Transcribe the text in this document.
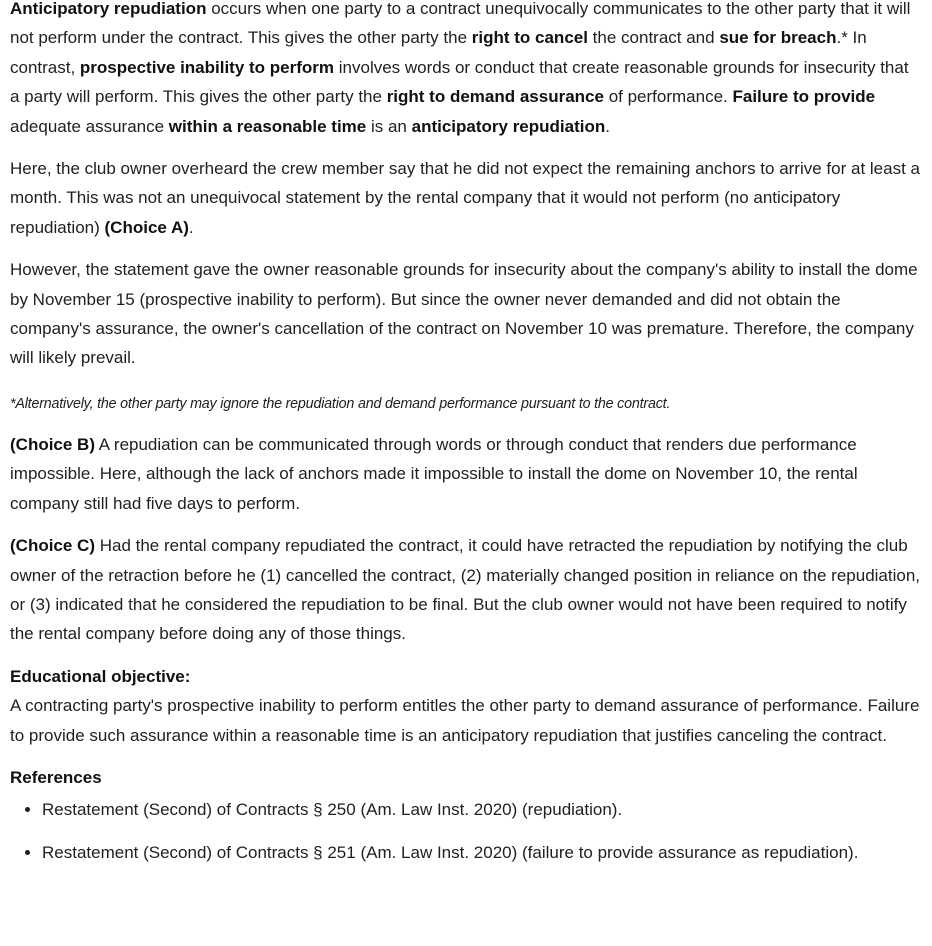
Anticipatory repudiation occurs when one party to a contract unequivocally communicates to the other party that it will not perform under the contract. This gives the other party the right to cancel the contract and sue for breach.* In contrast, prospective inability to perform involves words or conduct that create reasonable grounds for insecurity that a party will perform. This gives the other party the right to demand assurance of performance. Failure to provide adequate assurance within a reasonable time is an anticipatory repudiation.

Here, the club owner overheard the crew member say that he did not expect the remaining anchors to arrive for at least a month. This was not an unequivocal statement by the rental company that it would not perform (no anticipatory repudiation) (Choice A).

However, the statement gave the owner reasonable grounds for insecurity about the company's ability to install the dome by November 15 (prospective inability to perform). But since the owner never demanded and did not obtain the company's assurance, the owner's cancellation of the contract on November 10 was premature. Therefore, the company will likely prevail.

*Alternatively, the other party may ignore the repudiation and demand performance pursuant to the contract.

(Choice B) A repudiation can be communicated through words or through conduct that renders due performance impossible. Here, although the lack of anchors made it impossible to install the dome on November 10, the rental company still had five days to perform.

(Choice C) Had the rental company repudiated the contract, it could have retracted the repudiation by notifying the club owner of the retraction before he (1) cancelled the contract, (2) materially changed position in reliance on the repudiation, or (3) indicated that he considered the repudiation to be final. But the club owner would not have been required to notify the rental company before doing any of those things.

Educational objective:

A contracting party's prospective inability to perform entitles the other party to demand assurance of performance. Failure to provide such assurance within a reasonable time is an anticipatory repudiation that justifies canceling the contract.

References

• Restatement (Second) of Contracts § 250 (Am. Law Inst. 2020) (repudiation).
• Restatement (Second) of Contracts § 251 (Am. Law Inst. 2020) (failure to provide assurance as repudiation).
